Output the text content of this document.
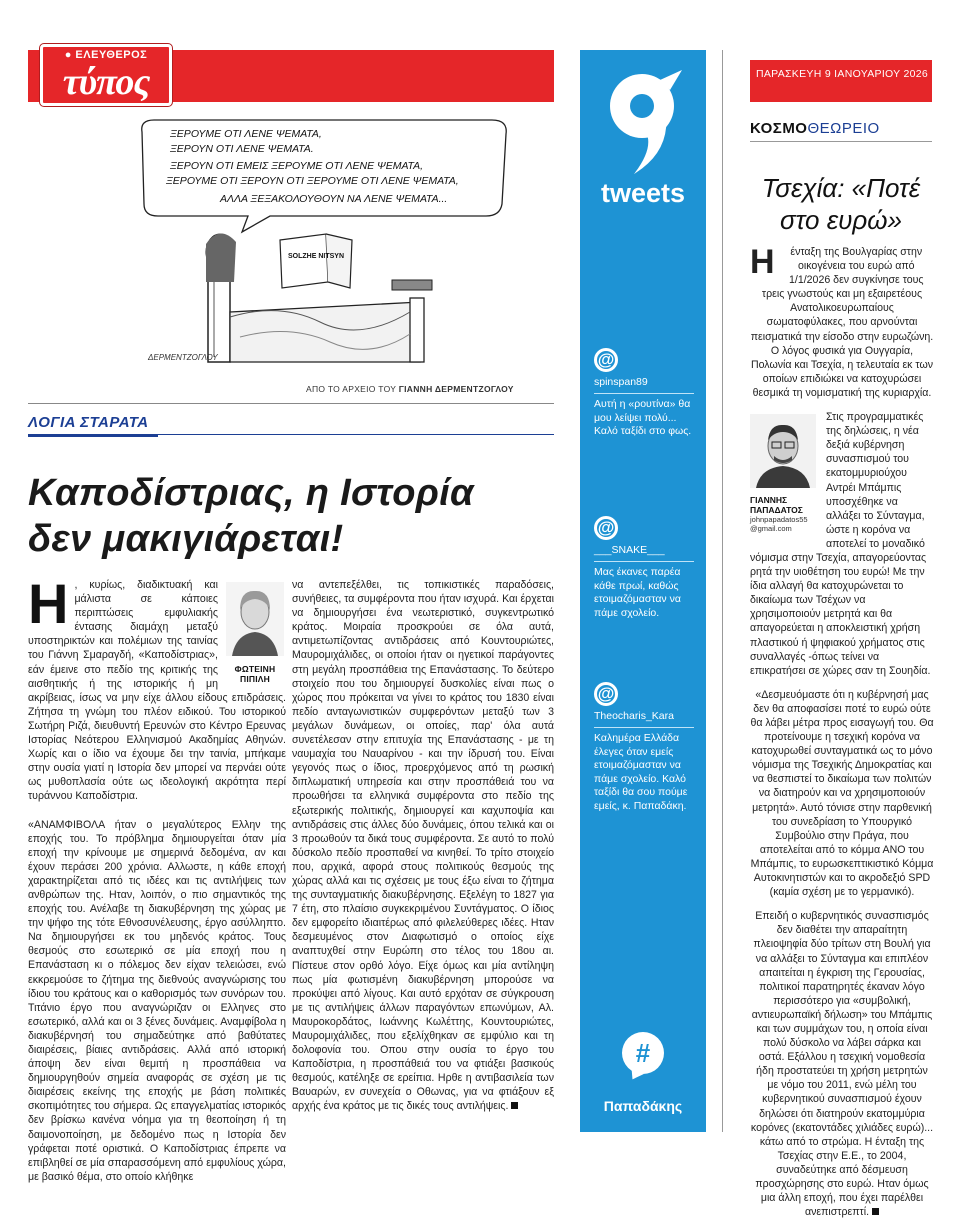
● ΕΛΕΥΘΕΡΟΣ
τύπος
ΞΕΡΟΥΜΕ ΟΤΙ ΛΕΝΕ ΨΕΜΑΤΑ,
ΞΕΡΟΥΝ ΟΤΙ ΛΕΝΕ ΨΕΜΑΤΑ.
ΞΕΡΟΥΝ ΟΤΙ ΕΜΕΙΣ ΞΕΡΟΥΜΕ ΟΤΙ ΛΕΝΕ ΨΕΜΑΤΑ,
ΞΕΡΟΥΜΕ ΟΤΙ ΞΕΡΟΥΝ ΟΤΙ ΞΕΡΟΥΜΕ ΟΤΙ ΛΕΝΕ ΨΕΜΑΤΑ,
ΑΛΛΑ ΞΕΞΑΚΟΛΟΥΘΟΥΝ ΝΑ ΛΕΝΕ ΨΕΜΑΤΑ...
SOLZHE NITSYN
ΔΕΡΜΕΝΤΖΟΓΛΟΥ
ΑΠΟ ΤΟ ΑΡΧΕΙΟ ΤΟΥ ΓΙΑΝΝΗ ΔΕΡΜΕΝΤΖΟΓΛΟΥ
ΛΟΓΙΑ ΣΤΑΡΑΤΑ
Καποδίστριας, η Ιστορία
δεν μακιγιάρεται!
ΦΩΤΕΙΝΗ ΠΙΠΙΛΗ
Η , κυρίως, διαδικτυακή και μάλιστα σε κάποιες περιπτώσεις εμφυλιακής έντασης διαμάχη μεταξύ υποστηρικτών και πολέμιων της ταινίας του Γιάννη Σμαραγδή, «Καποδίστριας», εάν έμεινε στο πεδίο της κριτικής της αισθητικής ή της ιστορικής ή μη ακρίβειας, ίσως να μην είχε άλλου είδους επιδράσεις. Ζήτησα τη γνώμη του πλέον ειδικού. Του ιστορικού Σωτήρη Ριζά, διευθυντή Ερευνών στο Κέντρο Ερευνας Ιστορίας Νεότερου Ελληνισμού Ακαδημίας Αθηνών. Χωρίς και ο ίδιο να έχουμε δει την ταινία, μπήκαμε στην ουσία γιατί η Ιστορία δεν μπορεί να περνάει ούτε ως μυθοπλασία ούτε ως ιδεολογική ακρότητα περί τυράννου Καποδίστρια.

«ΑΝΑΜΦΙΒΟΛΑ ήταν ο μεγαλύτερος Ελλην της εποχής του. Το πρόβλημα δημιουργείται όταν μία εποχή την κρίνουμε με σημερινά δεδομένα, αν και έχουν περάσει 200 χρόνια. Αλλωστε, η κάθε εποχή χαρακτηρίζεται από τις ιδέες και τις αντιλήψεις των ανθρώπων της. Ηταν, λοιπόν, ο πιο σημαντικός της εποχής του. Ανέλαβε τη διακυβέρνηση της χώρας με την ψήφο της τότε Εθνοσυνέλευσης, έργο ασύλληπτο. Να δημιουργήσει εκ του μηδενός κράτος. Τους θεσμούς στο εσωτερικό σε μία εποχή που η Επανάσταση κι ο πόλεμος δεν είχαν τελειώσει, ενώ εκκρεμούσε το ζήτημα της διεθνούς αναγνώρισης του ίδιου του κράτους και ο καθορισμός των συνόρων του. Τιτάνιο έργο που αναγνώριζαν οι Ελληνες στο εσωτερικό, αλλά και οι 3 ξένες δυνάμεις. Αναμφίβολα η διακυβέρνησή του σημαδεύτηκε από βαθύτατες διαιρέσεις, βίαιες αντιδράσεις. Αλλά από ιστορική άποψη δεν είναι θεμιτή η προσπάθεια να δημιουργηθούν σημεία αναφοράς σε σχέση με τις διαιρέσεις εκείνης της εποχής με βάση πολιτικές σκοπιμότητες του σήμερα. Ως επαγγελματίας ιστορικός δεν βρίσκω κανένα νόημα για τη θεοποίηση ή τη δαιμονοποίηση, με δεδομένο πως η Ιστορία δεν γράφεται ποτέ οριστικά. Ο Καποδίστριας έπρεπε να επιβληθεί σε μία σπαρασσόμενη από εμφυλίους χώρα, με βασικό θέμα, στο οποίο κλήθηκε

να αντεπεξέλθει, τις τοπικιστικές παραδόσεις, συνήθειες, τα συμφέροντα που ήταν ισχυρά. Και έρχεται να δημιουργήσει ένα νεωτεριστικό, συγκεντρωτικό κράτος. Μοιραία προσκρούει σε όλα αυτά, αντιμετωπίζοντας αντιδράσεις από Κουντουριώτες, Μαυρομιχάλιδες, οι οποίοι ήταν οι ηγετικοί παράγοντες στη μεγάλη προσπάθεια της Επανάστασης. Το δεύτερο στοιχείο που του δημιουργεί δυσκολίες είναι πως ο χώρος που πρόκειται να γίνει το κράτος του 1830 είναι πεδίο ανταγωνιστικών συμφερόντων μεταξύ των 3 μεγάλων δυνάμεων, οι οποίες, παρ' όλα αυτά συνετέλεσαν στην επιτυχία της Επανάστασης - με τη ναυμαχία του Ναυαρίνου - και την ίδρυσή του. Είναι γεγονός πως ο ίδιος, προερχόμενος από τη ρωσική διπλωματική υπηρεσία και στην προσπάθειά του να προωθήσει τα ελληνικά συμφέροντα στο πεδίο της εξωτερικής πολιτικής, δημιουργεί και καχυποψία και αντιδράσεις στις άλλες δύο δυνάμεις, όπου τελικά και οι 3 προωθούν τα δικά τους συμφέροντα. Σε αυτό το πολύ δύσκολο πεδίο προσπαθεί να κινηθεί. Το τρίτο στοιχείο που, αρχικά, αφορά στους πολιτικούς θεσμούς της χώρας αλλά και τις σχέσεις με τους έξω είναι το ζήτημα της συνταγματικής διακυβέρνησης. Εξελέγη το 1827 για 7 έτη, στο πλαίσιο συγκεκριμένου Συντάγματος. Ο ίδιος δεν εμφορείτο ιδιαιτέρως από φιλελεύθερες ιδέες. Ηταν δεσμευμένος στον Διαφωτισμό ο οποίος είχε αναπτυχθεί στην Ευρώπη στο τέλος του 18ου αι. Πίστευε στον ορθό λόγο. Είχε όμως και μία αντίληψη πως μία φωτισμένη διακυβέρνηση μπορούσε να προκύψει από λίγους. Και αυτό ερχόταν σε σύγκρουση με τις αντιλήψεις άλλων παραγόντων επωνύμων, Αλ. Μαυροκορδάτος, Ιωάννης Κωλέττης, Κουντουριώτες, Μαυρομιχάλιδες, που εξελίχθηκαν σε εμφύλιο και τη δολοφονία του. Οπου στην ουσία το έργο του Καποδίστρια, η προσπάθειά του να φτιάξει βασικούς θεσμούς, κατέληξε σε ερείπια. Ηρθε η αντιβασιλεία των Βαυαρών, εν συνεχεία ο Οθωνας, για να φτιάξουν εξ αρχής ένα κράτος με τις δικές τους αντιλήψεις.
tweets
@
spinspan89
Αυτή η «ρουτίνα» θα μου λείψει πολύ... Καλό ταξίδι στο φως.
@
___SNAKE___
Μας έκανες παρέα κάθε πρωί, καθώς ετοιμαζόμασταν να πάμε σχολείο.
@
Theocharis_Kara
Καλημέρα Ελλάδα έλεγες όταν εμείς ετοιμαζόμασταν να πάμε σχολείο. Καλό ταξίδι θα σου πούμε εμείς, κ. Παπαδάκη.
#
Παπαδάκης
ΠΑΡΑΣΚΕΥΗ 9 ΙΑΝΟΥΑΡΙΟΥ 2026
ΚΟΣΜΟΘΕΩΡΕΙΟ
Τσεχία: «Ποτέ
στο ευρώ»
Η ένταξη της Βουλγαρίας στην οικογένεια του ευρώ από 1/1/2026 δεν συγκίνησε τους τρεις γνωστούς και μη εξαιρετέους Ανατολικοευρωπαίους σωματοφύλακες, που αρνούνται πεισματικά την είσοδο στην ευρωζώνη. Ο λόγος φυσικά για Ουγγαρία, Πολωνία και Τσεχία, η τελευταία εκ των οποίων επιδιώκει να κατοχυρώσει θεσμικά τη νομισματική της κυριαρχία.
ΓΙΑΝΝΗΣ ΠΑΠΑΔΑΤΟΣ
johnpapadatos55 @gmail.com
Στις προγραμματικές της δηλώσεις, η νέα δεξιά κυβέρνηση συνασπισμού του εκατομμυριούχου Αντρέι Μπάμπις υποσχέθηκε να αλλάξει το Σύνταγμα, ώστε η κορόνα να αποτελεί το μοναδικό νόμισμα στην Τσεχία, απαγορεύοντας ρητά την υιοθέτηση του ευρώ! Με την ίδια αλλαγή θα κατοχυρώνεται το δικαίωμα των Τσέχων να χρησιμοποιούν μετρητά και θα απαγορεύεται η αποκλειστική χρήση πλαστικού ή ψηφιακού χρήματος στις συναλλαγές -όπως τείνει να επικρατήσει σε χώρες σαν τη Σουηδία.

«Δεσμευόμαστε ότι η κυβέρνησή μας δεν θα αποφασίσει ποτέ το ευρώ ούτε θα λάβει μέτρα προς εισαγωγή του. Θα προτείνουμε η τσεχική κορόνα να κατοχυρωθεί συνταγματικά ως το μόνο νόμισμα της Τσεχικής Δημοκρατίας και να θεσπιστεί το δικαίωμα των πολιτών να διατηρούν και να χρησιμοποιούν μετρητά». Αυτό τόνισε στην παρθενική του συνεδρίαση το Υπουργικό Συμβούλιο στην Πράγα, που αποτελείται από το κόμμα ΑΝΟ του Μπάμπις, το ευρωσκεπτικιστικό Κόμμα Αυτοκινητιστών και το ακροδεξιό SPD (καμία σχέση με το γερμανικό).

Επειδή ο κυβερνητικός συνασπισμός δεν διαθέτει την απαραίτητη πλειοψηφία δύο τρίτων στη Βουλή για να αλλάξει το Σύνταγμα και επιπλέον απαιτείται η έγκριση της Γερουσίας, πολιτικοί παρατηρητές έκαναν λόγο περισσότερο για «συμβολική, αντιευρωπαϊκή δήλωση» του Μπάμπις και των συμμάχων του, η οποία είναι πολύ δύσκολο να λάβει σάρκα και οστά. Εξάλλου η τσεχική νομοθεσία ήδη προστατεύει τη χρήση μετρητών με νόμο του 2011, ενώ μέλη του κυβερνητικού συνασπισμού έχουν δηλώσει ότι διατηρούν εκατομμύρια κορόνες (εκατοντάδες χιλιάδες ευρώ)... κάτω από το στρώμα. Η ένταξη της Τσεχίας στην Ε.Ε., το 2004, συναδεύτηκε από δέσμευση προσχώρησης στο ευρώ. Ηταν όμως μια άλλη εποχή, που έχει παρέλθει ανεπιστρεπτί.
